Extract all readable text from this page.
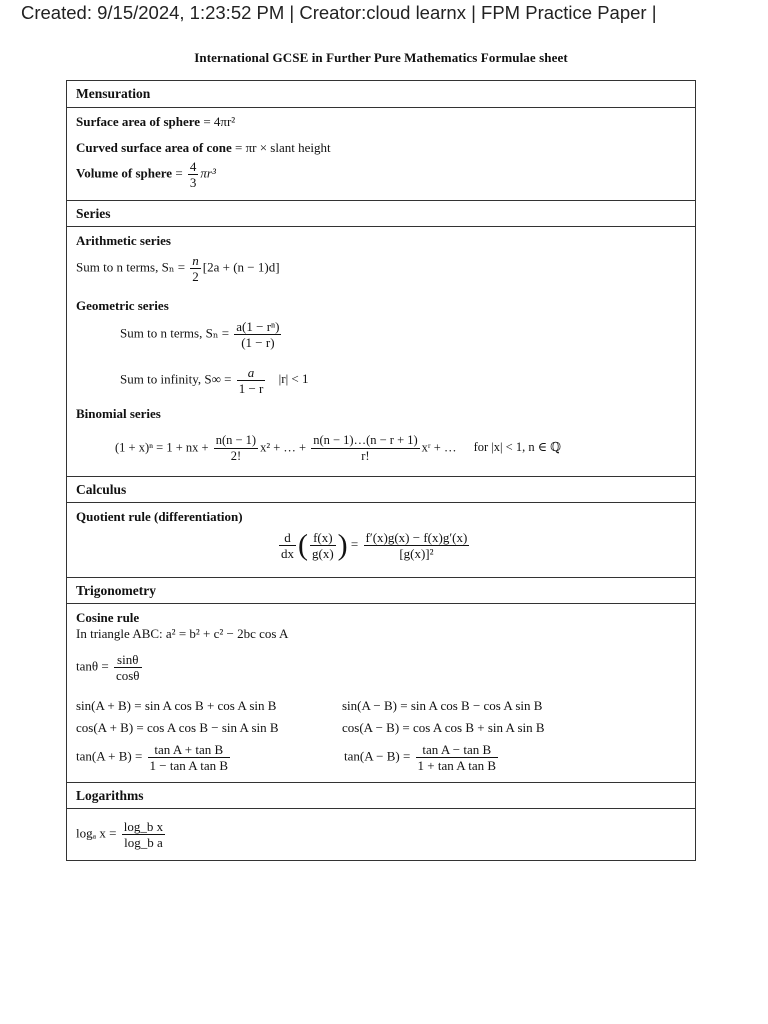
Created: 9/15/2024, 1:23:52 PM | Creator:cloud learnx | FPM Practice Paper |
International GCSE in Further Pure Mathematics Formulae sheet
Mensuration
Surface area of sphere = 4πr²
Curved surface area of cone = πr × slant height
Volume of sphere = $\frac{4}{3} \pi r^3$
Series
Arithmetic series
Sum to n terms, $S_n = \frac{n}{2} [2a + (n - 1)d]$
Geometric series
Sum to n terms, $S_n = \frac{\text{a(1 − rⁿ)}}{(1 - r)}$
Sum to infinity, $S\infty = \frac{a}{1 - r} |r| < 1$
Binomial series
(1 + x)ⁿ = 1 + nx + $\frac{n(n - 1)}{2!} x^2$ + … + $\frac{n(n - 1)\dots(n - r + 1)}{r!}$ xʳ + … for |x| < 1, n ∈ ℚ
Calculus
Quotient rule (differentiation)
$\frac{d}{dx}$ ( $\frac{f(x)}{g(x)}$ ) = $\frac{f'(x)g(x) - f(x)g'(x)}{\text{[g(x)]²}}$
Trigonometry
Cosine rule
In triangle ABC: a² = b² + c² − 2bc cos A
$\tan\theta = \frac{\sin\theta}{\cos\theta}$
sin(A + B) = sin A cos B + cos A sin B	sin(A − B) = sin A cos B − cos A sin B
cos(A + B) = cos A cos B − sin A sin B	cos(A − B) = cos A cos B + sin A sin B
$\tan(A + B) = \frac{\text{tan A + tan B}}{\text{1 − tan A tan B}}$	$\tan(A - B) = \frac{\text{tan A − tan B}}{\text{1 + tan A tan B}}$
Logarithms
logₐ $x = \frac{\text{log\_b x}}{\text{log\_b a}}$
